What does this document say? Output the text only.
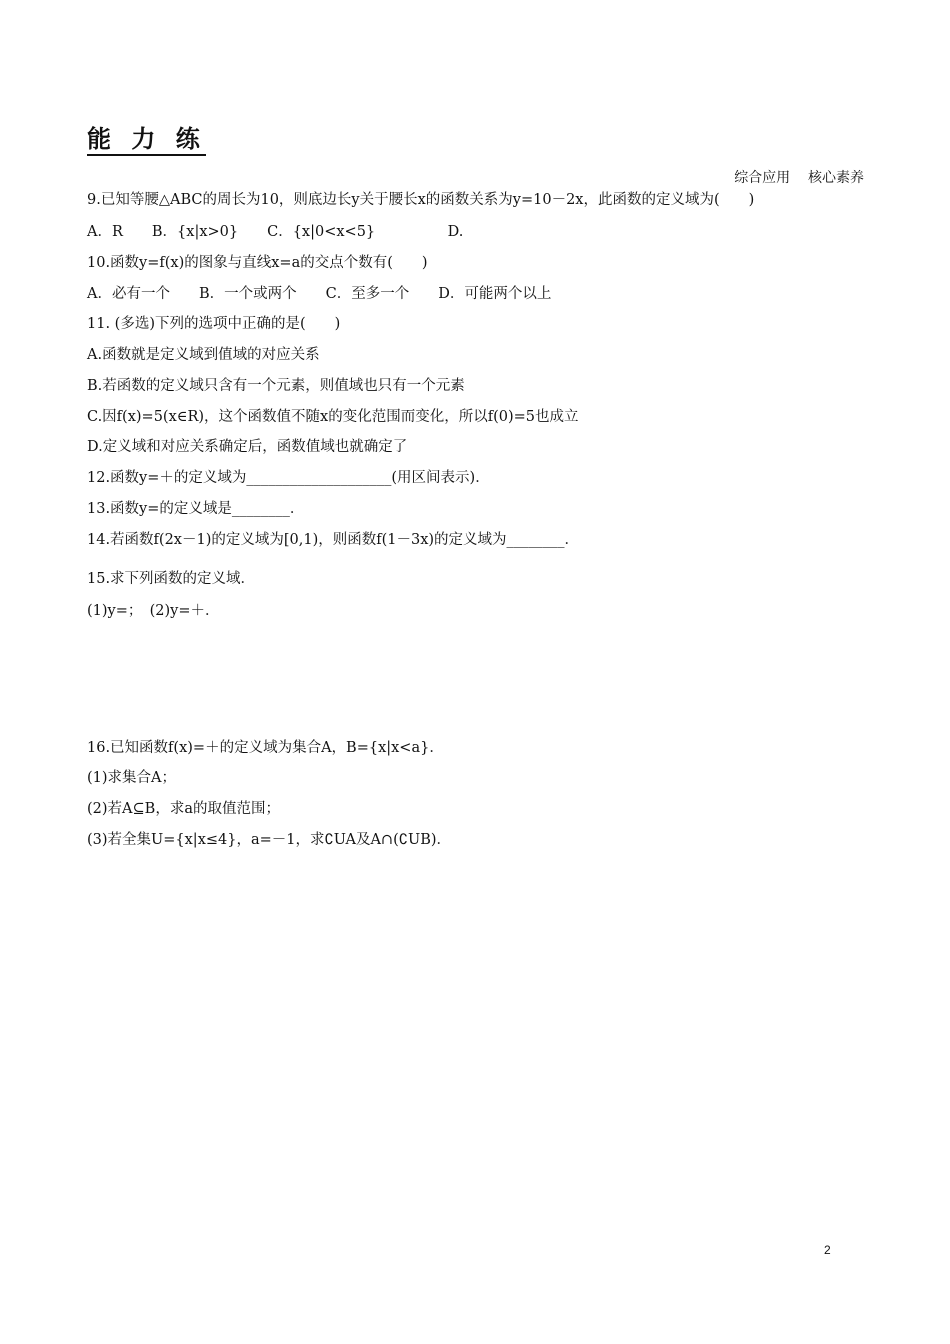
能 力 练
综合应用    核心素养
9.已知等腰△ABC的周长为10，则底边长y关于腰长x的函数关系为y=10－2x，此函数的定义域为(　　)
A．R　　B．{x|x>0}　　C．{x|0<x<5}　　　　　D.
10.函数y=f(x)的图象与直线x=a的交点个数有(　　)
A．必有一个　　B．一个或两个　　C．至多一个　　D．可能两个以上
11. (多选)下列的选项中正确的是(　　)
A.函数就是定义域到值域的对应关系
B.若函数的定义域只含有一个元素，则值域也只有一个元素
C.因f(x)=5(x∈R)，这个函数值不随x的变化范围而变化，所以f(0)=5也成立
D.定义域和对应关系确定后，函数值域也就确定了
12.函数y=＋的定义域为____________________(用区间表示)．
13.函数y=的定义域是________．
14.若函数f(2x－1)的定义域为[0,1)，则函数f(1－3x)的定义域为________．
15.求下列函数的定义域．
(1)y=；　(2)y=＋．
16.已知函数f(x)=＋的定义域为集合A，B={x|x<a}．
(1)求集合A；
(2)若A⊆B，求a的取值范围；
(3)若全集U={x|x≤4}，a=－1，求∁UA及A∩(∁UB)．
2
